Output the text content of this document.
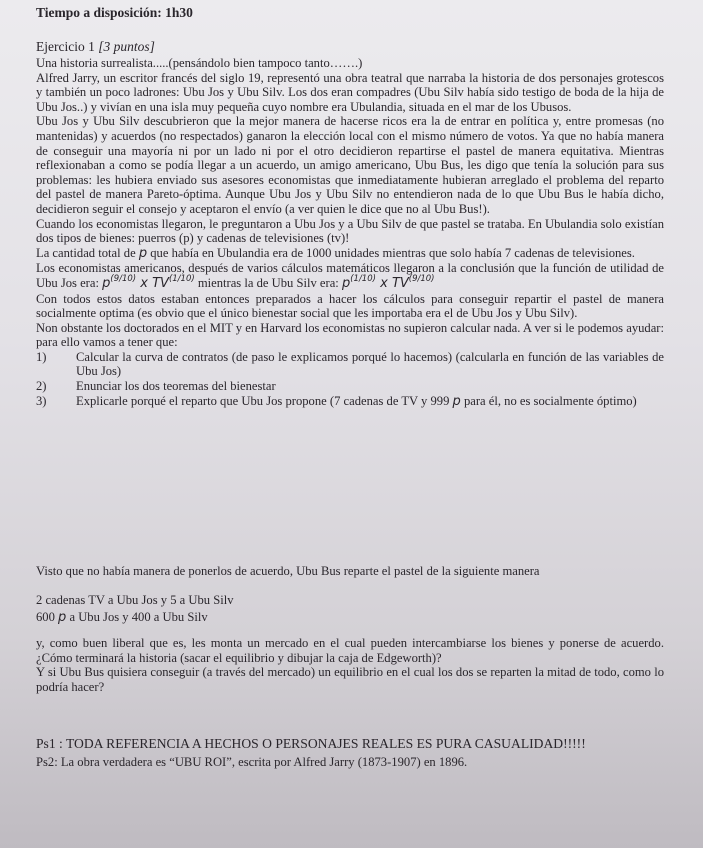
Tiempo a disposición: 1h30
Ejercicio 1 [3 puntos]

Una historia surrealista.....(pensándolo bien tampoco tanto…….)

Alfred Jarry, un escritor francés del siglo 19, representó una obra teatral que narraba la historia de dos personajes grotescos y también un poco ladrones: Ubu Jos y Ubu Silv. Los dos eran compadres (Ubu Silv había sido testigo de boda de la hija de Ubu Jos..) y vivían en una isla muy pequeña cuyo nombre era Ubulandia, situada en el mar de los Ubusos.

Ubu Jos y Ubu Silv descubrieron que la mejor manera de hacerse ricos era la de entrar en política y, entre promesas (no mantenidas) y acuerdos (no respectados) ganaron la elección local con el mismo número de votos. Ya que no había manera de conseguir una mayoría ni por un lado ni por el otro decidieron repartirse el pastel de manera equitativa. Mientras reflexionaban a como se podía llegar a un acuerdo, un amigo americano, Ubu Bus, les digo que tenía la solución para sus problemas: les hubiera enviado sus asesores economistas que inmediatamente hubieran arreglado el problema del reparto del pastel de manera Pareto-óptima. Aunque Ubu Jos y Ubu Silv no entendieron nada de lo que Ubu Bus le había dicho, decidieron seguir el consejo y aceptaron el envío (a ver quien le dice que no al Ubu Bus!).

Cuando los economistas llegaron, le preguntaron a Ubu Jos y a Ubu Silv de que pastel se trataba. En Ubulandia solo existían dos tipos de bienes: puerros (p) y cadenas de televisiones (tv)!

La cantidad total de p que había en Ubulandia era de 1000 unidades mientras que solo había 7 cadenas de televisiones.

Los economistas americanos, después de varios cálculos matemáticos llegaron a la conclusión que la función de utilidad de Ubu Jos era: $p^{(9/10)}$ x $TV^{(1/10)}$ mientras la de Ubu Silv era: $p^{(1/10)}$ x $TV^{(9/10)}$

Con todos estos datos estaban entonces preparados a hacer los cálculos para conseguir repartir el pastel de manera socialmente optima (es obvio que el único bienestar social que les importaba era el de Ubu Jos y Ubu Silv).

Non obstante los doctorados en el MIT y en Harvard los economistas no supieron calcular nada. A ver si le podemos ayudar: para ello vamos a tener que:

1)	Calcular la curva de contratos (de paso le explicamos porqué lo hacemos) (calcularla en función de las variables de Ubu Jos)
2)	Enunciar los dos teoremas del bienestar
3)	Explicarle porqué el reparto que Ubu Jos propone (7 cadenas de TV y 999 p para él, no es socialmente óptimo)
Visto que no había manera de ponerlos de acuerdo, Ubu Bus reparte el pastel de la siguiente manera
2 cadenas TV a Ubu Jos y 5 a Ubu Silv
600 p a Ubu Jos y 400 a Ubu Silv

y, como buen liberal que es, les monta un mercado en el cual pueden intercambiarse los bienes y ponerse de acuerdo. ¿Cómo terminará la historia (sacar el equilibrio y dibujar la caja de Edgeworth)?

Y si Ubu Bus quisiera conseguir (a través del mercado) un equilibrio en el cual los dos se reparten la mitad de todo, como lo podría hacer?

Ps1 : TODA REFERENCIA A HECHOS O PERSONAJES REALES ES PURA CASUALIDAD!!!!!
Ps2: La obra verdadera es “UBU ROI”, escrita por Alfred Jarry (1873-1907) en 1896.
